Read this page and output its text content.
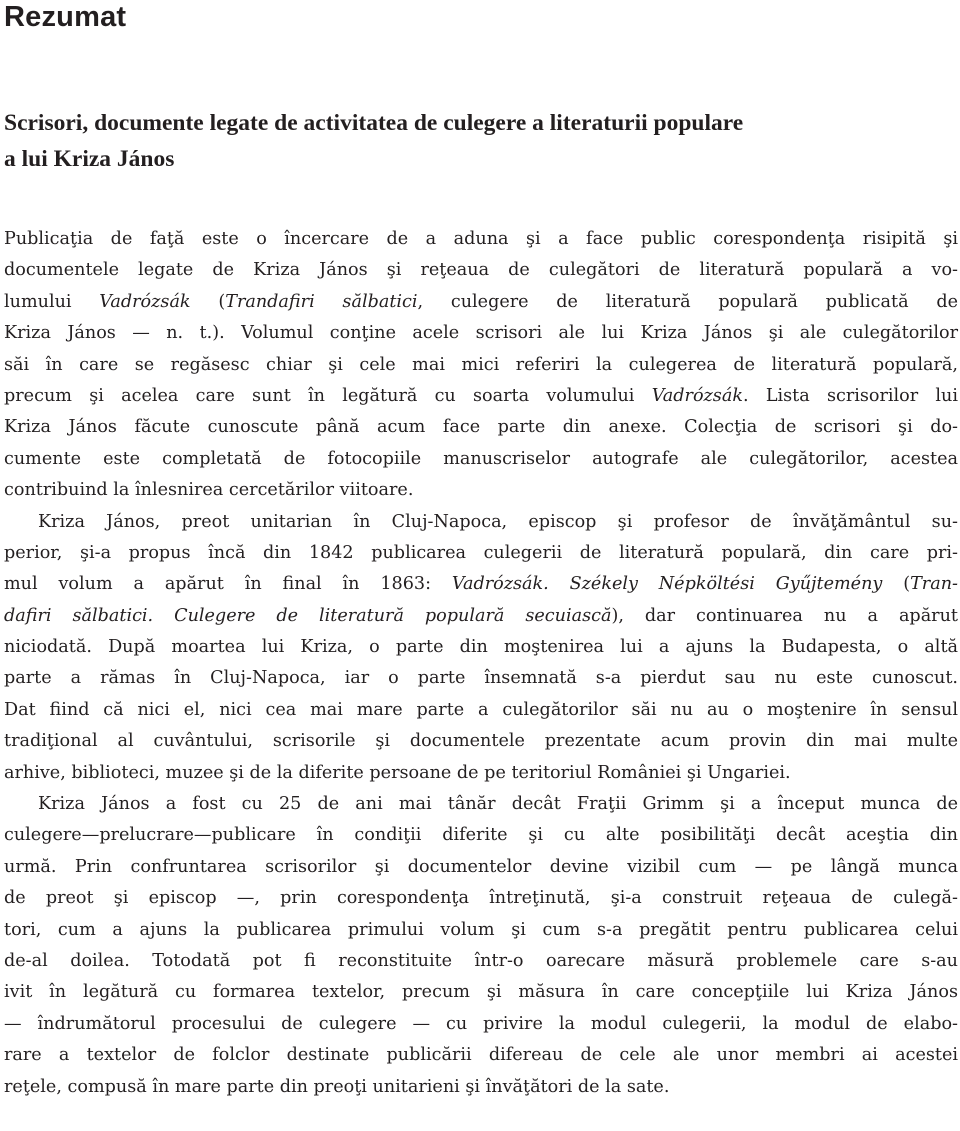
Rezumat
Scrisori, documente legate de activitatea de culegere a literaturii populare
a lui Kriza János
Publicaţia de faţă este o încercare de a aduna şi a face public corespondenţa risipită şi
documentele legate de Kriza János şi reţeaua de culegători de literatură populară a vo-
lumului Vadrózsák (Trandafiri sălbatici, culegere de literatură populară publicată de
Kriza János — n. t.). Volumul conţine acele scrisori ale lui Kriza János şi ale culegătorilor
săi în care se regăsesc chiar şi cele mai mici referiri la culegerea de literatură populară,
precum şi acelea care sunt în legătură cu soarta volumului Vadrózsák. Lista scrisorilor lui
Kriza János făcute cunoscute până acum face parte din anexe. Colecţia de scrisori şi do-
cumente este completată de fotocopiile manuscriselor autografe ale culegătorilor, acestea
contribuind la înlesnirea cercetărilor viitoare.
Kriza János, preot unitarian în Cluj-Napoca, episcop şi profesor de învăţământul su-
perior, şi-a propus încă din 1842 publicarea culegerii de literatură populară, din care pri-
mul volum a apărut în final în 1863: Vadrózsák. Székely Népköltési Gyűjtemény (Tran-
dafiri sălbatici. Culegere de literatură populară secuiască), dar continuarea nu a apărut
niciodată. După moartea lui Kriza, o parte din moştenirea lui a ajuns la Budapesta, o altă
parte a rămas în Cluj-Napoca, iar o parte însemnată s-a pierdut sau nu este cunoscut.
Dat fiind că nici el, nici cea mai mare parte a culegătorilor săi nu au o moştenire în sensul
tradiţional al cuvântului, scrisorile şi documentele prezentate acum provin din mai multe
arhive, biblioteci, muzee şi de la diferite persoane de pe teritoriul României şi Ungariei.
Kriza János a fost cu 25 de ani mai tânăr decât Fraţii Grimm şi a început munca de
culegere—prelucrare—publicare în condiţii diferite şi cu alte posibilităţi decât aceştia din
urmă. Prin confruntarea scrisorilor şi documentelor devine vizibil cum — pe lângă munca
de preot şi episcop —, prin corespondenţa întreţinută, şi-a construit reţeaua de culegă-
tori, cum a ajuns la publicarea primului volum şi cum s-a pregătit pentru publicarea celui
de-al doilea. Totodată pot fi reconstituite într-o oarecare măsură problemele care s-au
ivit în legătură cu formarea textelor, precum şi măsura în care concepţiile lui Kriza János
— îndrumătorul procesului de culegere — cu privire la modul culegerii, la modul de elabo-
rare a textelor de folclor destinate publicării difereau de cele ale unor membri ai acestei
reţele, compusă în mare parte din preoţi unitarieni şi învăţători de la sate.
